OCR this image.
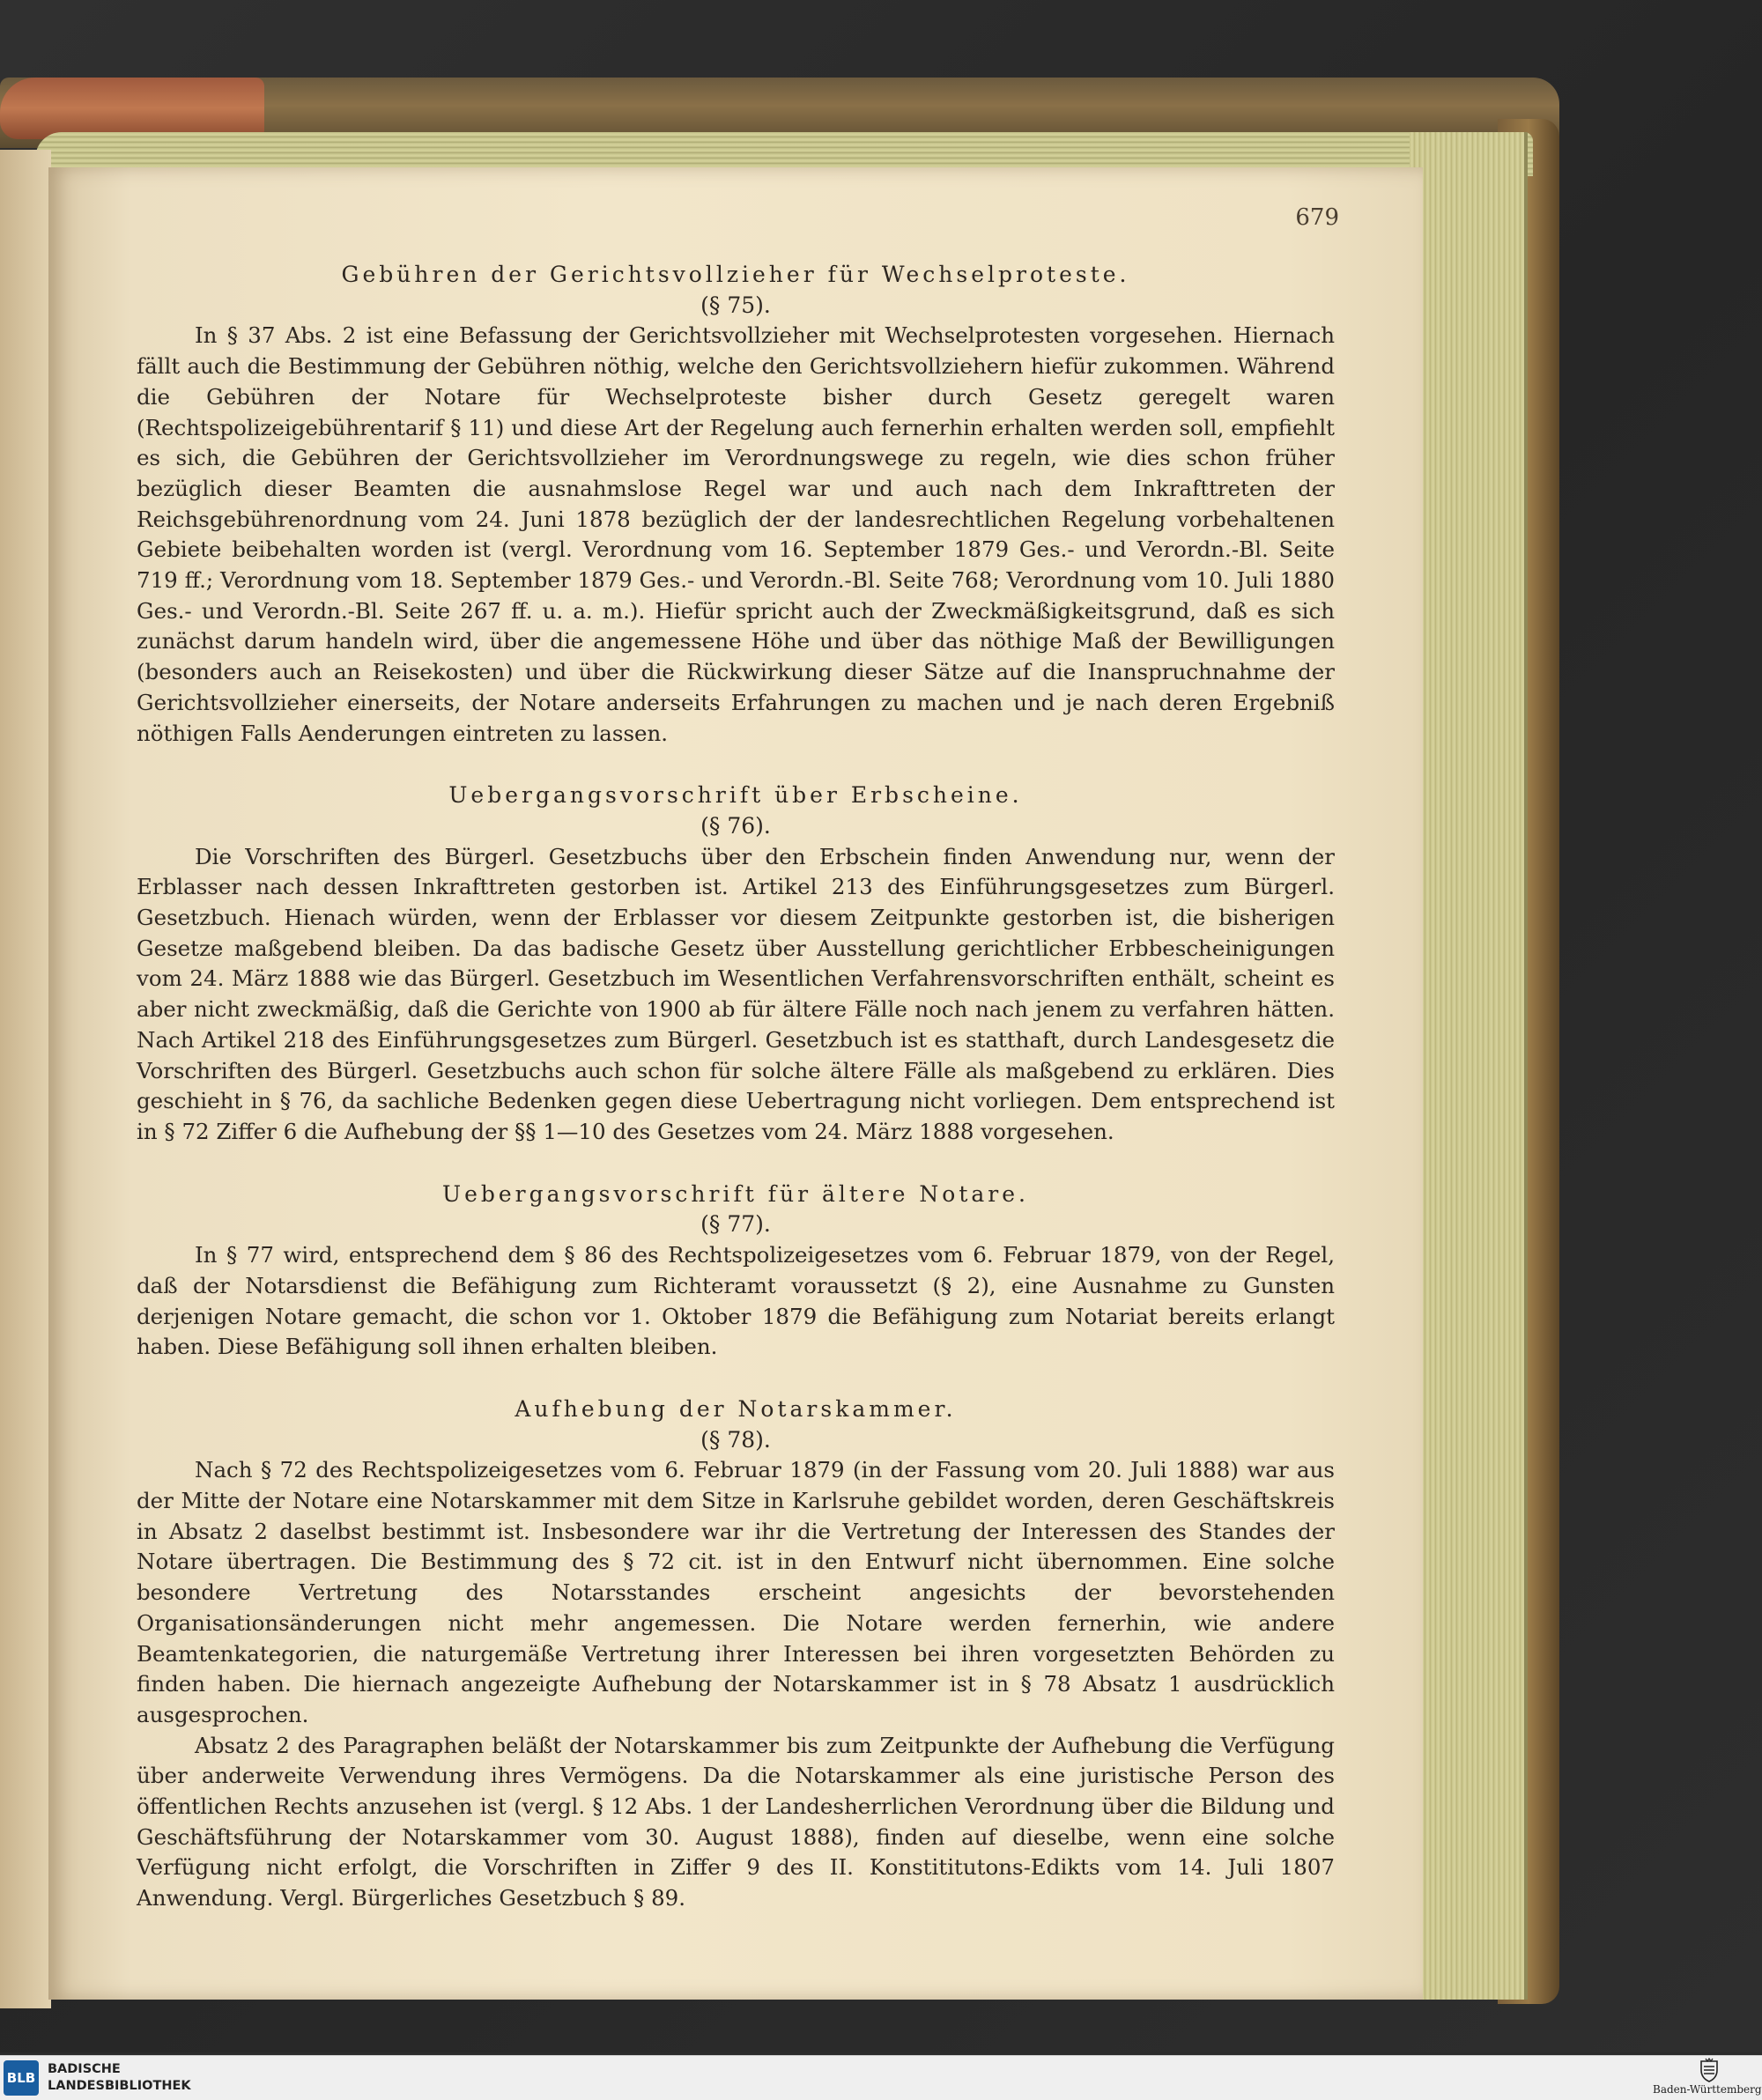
679

Gebühren der Gerichtsvollzieher für Wechselproteste.

(§ 75).

In § 37 Abs. 2 ist eine Befassung der Gerichtsvollzieher mit Wechselprotesten vorgesehen. Hiernach fällt auch die Bestimmung der Gebühren nöthig, welche den Gerichtsvollziehern hiefür zukommen. Während die Gebühren der Notare für Wechselproteste bisher durch Gesetz geregelt waren (Rechtspolizeigebührentarif § 11) und diese Art der Regelung auch fernerhin erhalten werden soll, empfiehlt es sich, die Gebühren der Gerichtsvollzieher im Verordnungswege zu regeln, wie dies schon früher bezüglich dieser Beamten die ausnahmslose Regel war und auch nach dem Inkrafttreten der Reichsgebührenordnung vom 24. Juni 1878 bezüglich der der landesrechtlichen Regelung vorbehaltenen Gebiete beibehalten worden ist (vergl. Verordnung vom 16. September 1879 Ges.- und Verordn.-Bl. Seite 719 ff.; Verordnung vom 18. September 1879 Ges.- und Verordn.-Bl. Seite 768; Verordnung vom 10. Juli 1880 Ges.- und Verordn.-Bl. Seite 267 ff. u. a. m.). Hiefür spricht auch der Zweckmäßigkeitsgrund, daß es sich zunächst darum handeln wird, über die angemessene Höhe und über das nöthige Maß der Bewilligungen (besonders auch an Reisekosten) und über die Rückwirkung dieser Sätze auf die Inanspruchnahme der Gerichtsvollzieher einerseits, der Notare anderseits Erfahrungen zu machen und je nach deren Ergebniß nöthigen Falls Aenderungen eintreten zu lassen.

Uebergangsvorschrift über Erbscheine.

(§ 76).

Die Vorschriften des Bürgerl. Gesetzbuchs über den Erbschein finden Anwendung nur, wenn der Erblasser nach dessen Inkrafttreten gestorben ist. Artikel 213 des Einführungsgesetzes zum Bürgerl. Gesetzbuch. Hienach würden, wenn der Erblasser vor diesem Zeitpunkte gestorben ist, die bisherigen Gesetze maßgebend bleiben. Da das badische Gesetz über Ausstellung gerichtlicher Erbbescheinigungen vom 24. März 1888 wie das Bürgerl. Gesetzbuch im Wesentlichen Verfahrensvorschriften enthält, scheint es aber nicht zweckmäßig, daß die Gerichte von 1900 ab für ältere Fälle noch nach jenem zu verfahren hätten. Nach Artikel 218 des Einführungsgesetzes zum Bürgerl. Gesetzbuch ist es statthaft, durch Landesgesetz die Vorschriften des Bürgerl. Gesetzbuchs auch schon für solche ältere Fälle als maßgebend zu erklären. Dies geschieht in § 76, da sachliche Bedenken gegen diese Uebertragung nicht vorliegen. Dem entsprechend ist in § 72 Ziffer 6 die Aufhebung der §§ 1—10 des Gesetzes vom 24. März 1888 vorgesehen.

Uebergangsvorschrift für ältere Notare.

(§ 77).

In § 77 wird, entsprechend dem § 86 des Rechtspolizeigesetzes vom 6. Februar 1879, von der Regel, daß der Notarsdienst die Befähigung zum Richteramt voraussetzt (§ 2), eine Ausnahme zu Gunsten derjenigen Notare gemacht, die schon vor 1. Oktober 1879 die Befähigung zum Notariat bereits erlangt haben. Diese Befähigung soll ihnen erhalten bleiben.

Aufhebung der Notarskammer.

(§ 78).

Nach § 72 des Rechtspolizeigesetzes vom 6. Februar 1879 (in der Fassung vom 20. Juli 1888) war aus der Mitte der Notare eine Notarskammer mit dem Sitze in Karlsruhe gebildet worden, deren Geschäftskreis in Absatz 2 daselbst bestimmt ist. Insbesondere war ihr die Vertretung der Interessen des Standes der Notare übertragen. Die Bestimmung des § 72 cit. ist in den Entwurf nicht übernommen. Eine solche besondere Vertretung des Notarsstandes erscheint angesichts der bevorstehenden Organisationsänderungen nicht mehr angemessen. Die Notare werden fernerhin, wie andere Beamtenkategorien, die naturgemäße Vertretung ihrer Interessen bei ihren vorgesetzten Behörden zu finden haben. Die hiernach angezeigte Aufhebung der Notarskammer ist in § 78 Absatz 1 ausdrücklich ausgesprochen.

Absatz 2 des Paragraphen beläßt der Notarskammer bis zum Zeitpunkte der Aufhebung die Verfügung über anderweite Verwendung ihres Vermögens. Da die Notarskammer als eine juristische Person des öffentlichen Rechts anzusehen ist (vergl. § 12 Abs. 1 der Landesherrlichen Verordnung über die Bildung und Geschäftsführung der Notarskammer vom 30. August 1888), finden auf dieselbe, wenn eine solche Verfügung nicht erfolgt, die Vorschriften in Ziffer 9 des II. Konstititutons-Edikts vom 14. Juli 1807 Anwendung. Vergl. Bürgerliches Gesetzbuch § 89.

BLB
BADISCHE
LANDESBIBLIOTHEK	Baden-Württemberg
